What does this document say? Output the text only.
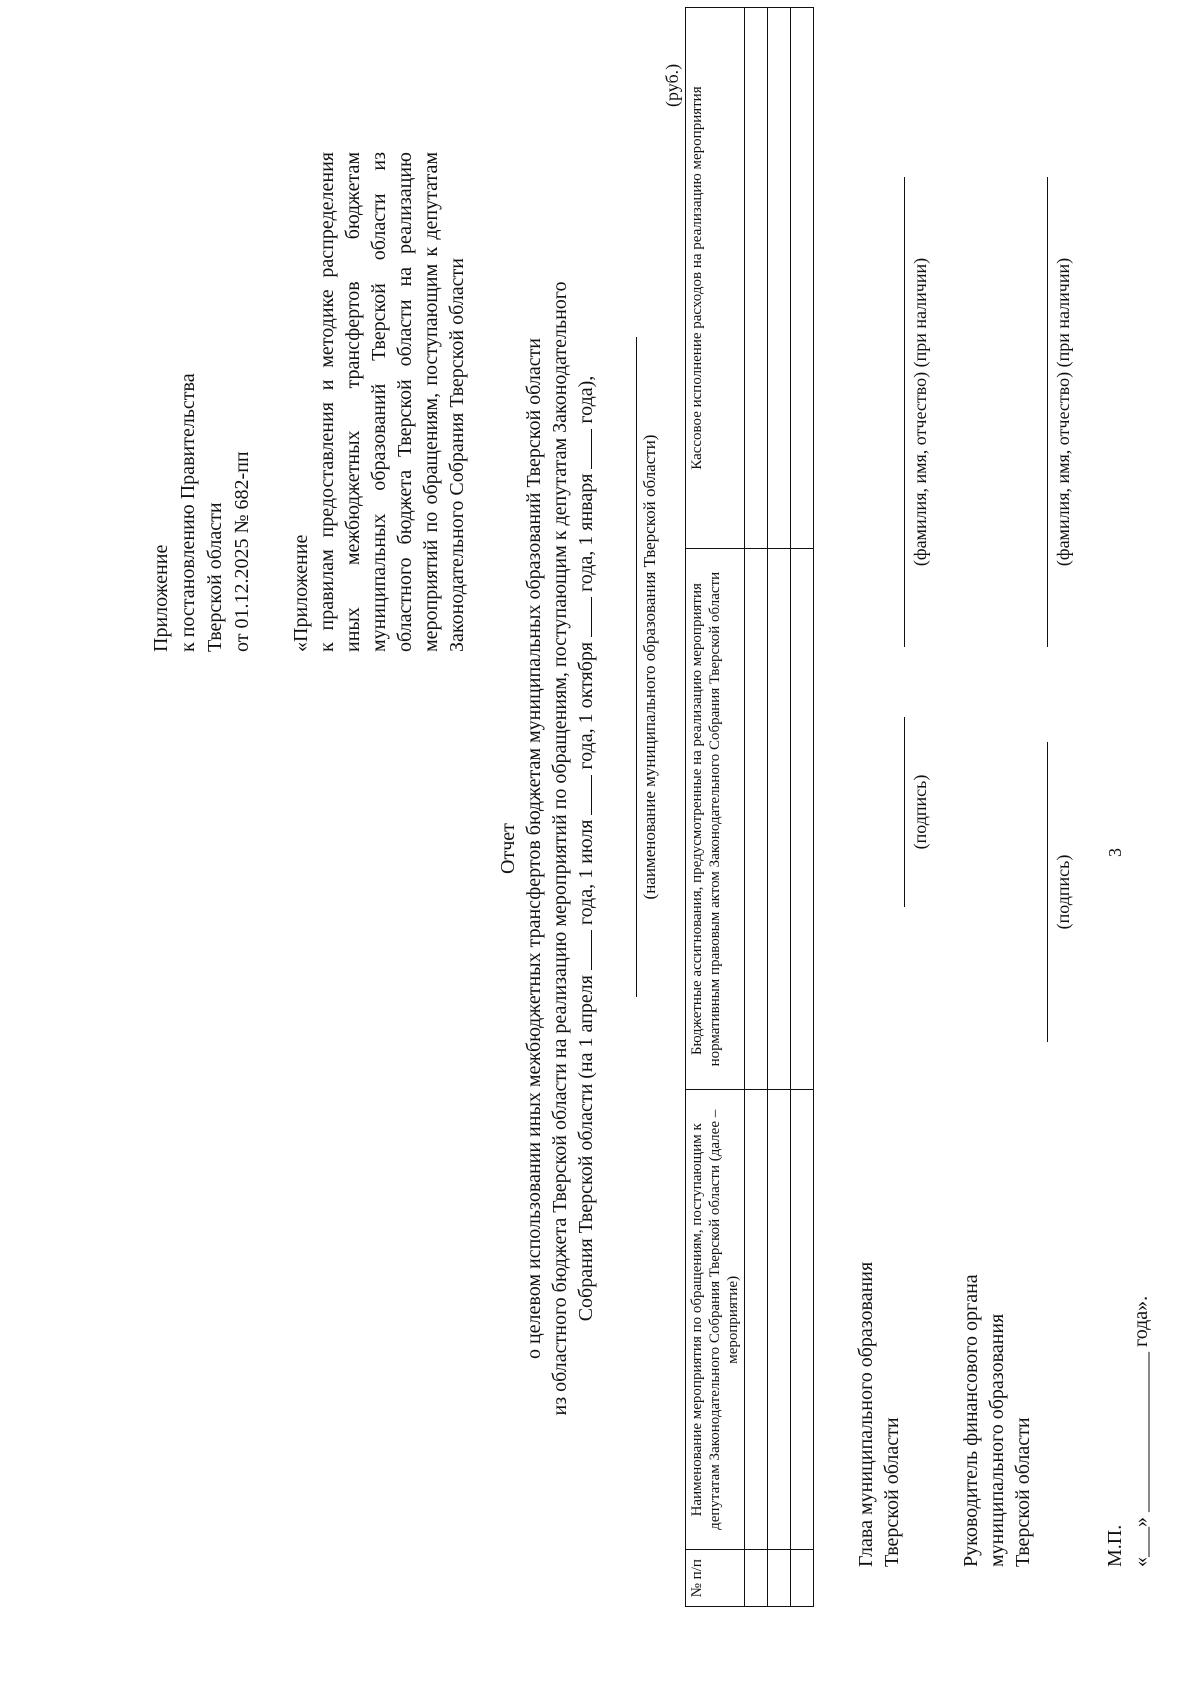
3
Приложение к постановлению Правительства Тверской области от 01.12.2025 № 682-пп «Приложение к правилам предоставления и методике распределения иных межбюджетных трансфертов бюджетам муниципальных образований Тверской области из областного бюджета Тверской области на реализацию мероприятий по обращениям, поступающим к депутатам Законодательного Собрания Тверской области

Отчет о целевом использовании иных межбюджетных трансфертов бюджетам муниципальных образований Тверской области из областного бюджета Тверской области на реализацию мероприятий по обращениям, поступающим к депутатам Законодательного Собрания Тверской области (на 1 апреля  года, 1 июля  года, 1 октября  года, 1 января  года),
(наименование муниципального образования Тверской области)
(руб.)
№ п/п	Наименование мероприятия по обращениям, поступающим к депутатам Законодательного Собрания Тверской области (далее – мероприятие)	Бюджетные ассигнования, предусмотренные на реализацию мероприятия нормативным правовым актом Законодательного Собрания Тверской области	Кассовое исполнение расходов на реализацию мероприятия

Глава муниципального образования Тверской области
(подпись)
(фамилия, имя, отчество) (при наличии)
Руководитель финансового органа муниципального образования Тверской области
(подпись)
(фамилия, имя, отчество) (при наличии)
М.П. «___» ________________ года».
